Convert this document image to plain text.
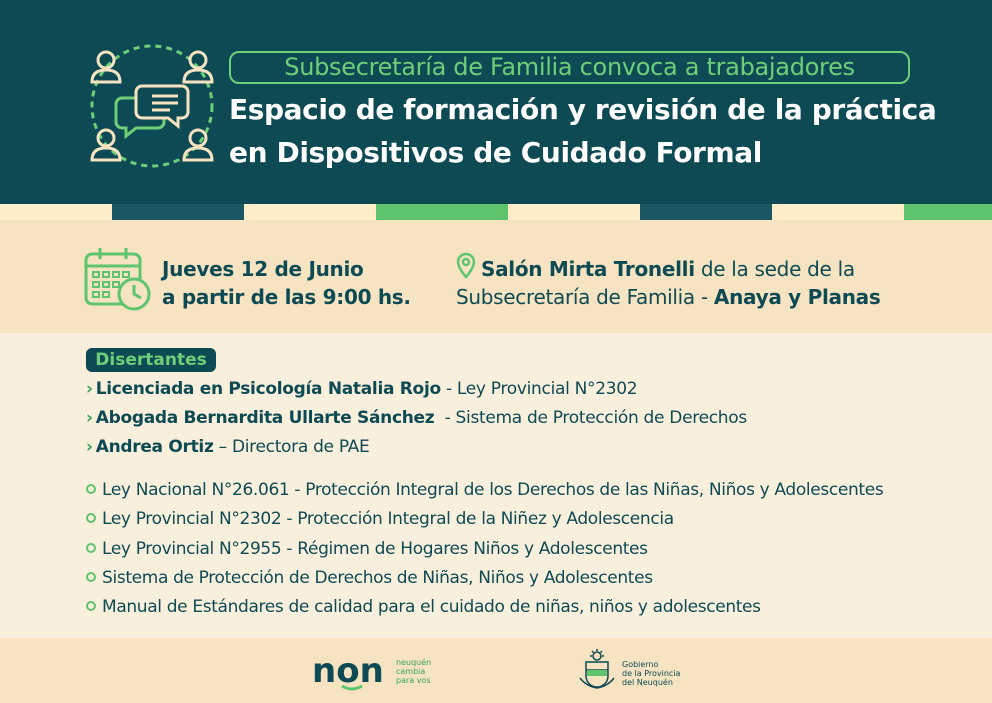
Subsecretaría de Familia convoca a trabajadores
Espacio de formación y revisión de la práctica
en Dispositivos de Cuidado Formal
Jueves 12 de Junio
a partir de las 9:00 hs.
Salón Mirta Tronelli de la sede de la
Subsecretaría de Familia - Anaya y Planas
Disertantes
› Licenciada en Psicología Natalia Rojo - Ley Provincial N°2302
› Abogada Bernardita Ullarte Sánchez  - Sistema de Protección de Derechos
› Andrea Ortiz – Directora de PAE
Ley Nacional N°26.061 - Protección Integral de los Derechos de las Niñas, Niños y Adolescentes
Ley Provincial N°2302 - Protección Integral de la Niñez y Adolescencia
Ley Provincial N°2955 - Régimen de Hogares Niños y Adolescentes
Sistema de Protección de Derechos de Niñas, Niños y Adolescentes
Manual de Estándares de calidad para el cuidado de niñas, niños y adolescentes
non neuquén
cambia
para vos
Gobierno
de la Provincia
del Neuquén
